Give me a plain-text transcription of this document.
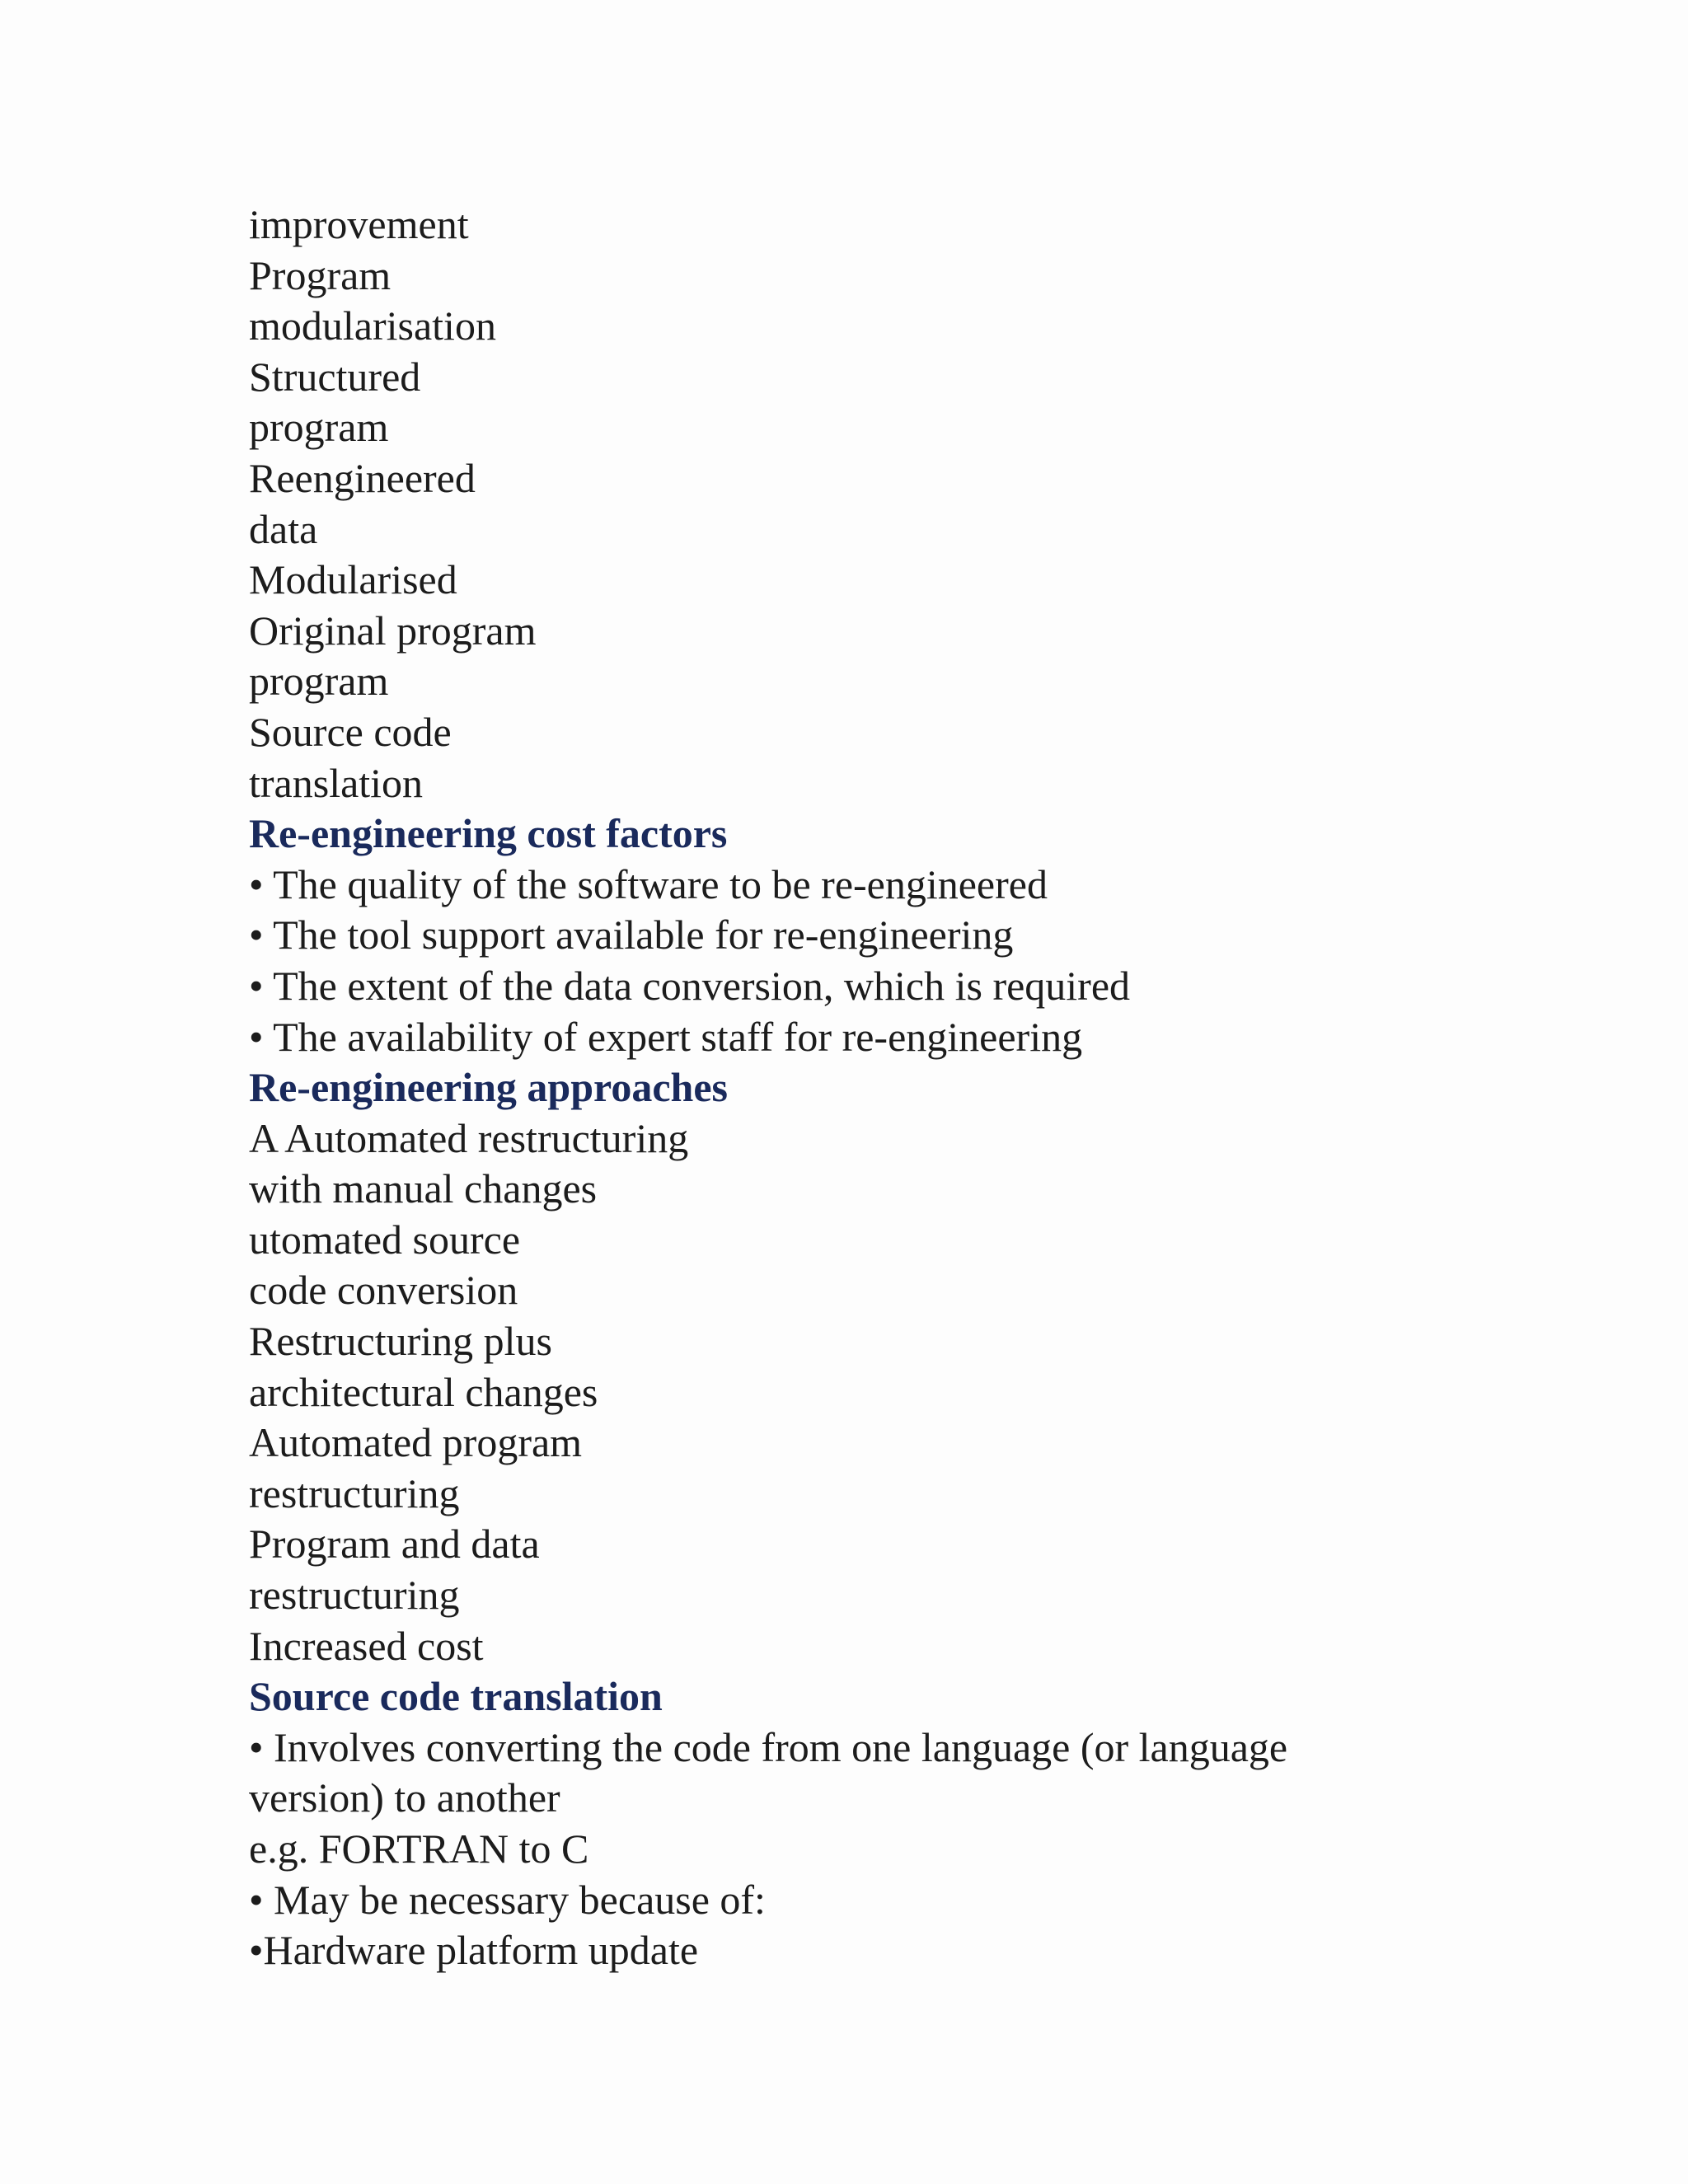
improvement
Program
modularisation
Structured
program
Reengineered
data
Modularised
Original program
program
Source code
translation
Re-engineering cost factors
• The quality of the software to be re-engineered
• The tool support available for re-engineering
• The extent of the data conversion, which is required
• The availability of expert staff for re-engineering
Re-engineering approaches
A Automated restructuring
with manual changes
utomated source
code conversion
Restructuring plus
architectural changes
Automated program
restructuring
Program and data
restructuring
Increased cost
Source code translation
• Involves converting the code from one language (or language
version) to another
e.g. FORTRAN to C
• May be necessary because of:
•Hardware platform update
